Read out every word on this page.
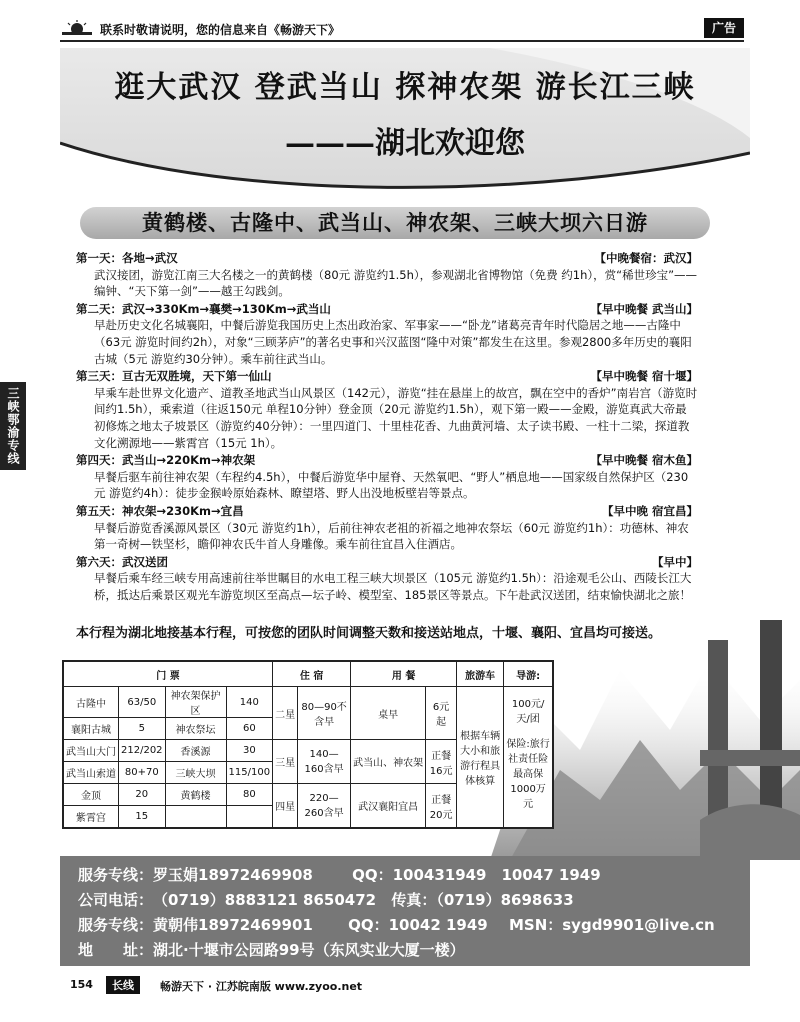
联系时敬请说明，您的信息来自《畅游天下》	广告
逛大武汉 登武当山 探神农架 游长江三峡
———湖北欢迎您
黄鹤楼、古隆中、武当山、神农架、三峡大坝六日游
三峡鄂渝专线
第一天：各地→武汉	【中晚餐宿：武汉】
武汉接团，游览江南三大名楼之一的黄鹤楼（80元 游览约1.5h），参观湖北省博物馆（免费 约1h），赏“稀世珍宝”——编钟、“天下第一剑”——越王勾践剑。
第二天：武汉→330Km→襄樊→130Km→武当山	【早中晚餐 武当山】
早赴历史文化名城襄阳，中餐后游览我国历史上杰出政治家、军事家——“卧龙”诸葛亮青年时代隐居之地——古隆中（63元 游览时间约2h），对象“三顾茅庐”的著名史事和兴汉蓝图“隆中对策”都发生在这里。参观2800多年历史的襄阳古城（5元 游览约30分钟）。乘车前往武当山。
第三天：亘古无双胜境，天下第一仙山	【早中晚餐 宿十堰】
早乘车赴世界文化遗产、道教圣地武当山风景区（142元），游览“挂在悬崖上的故宫，飘在空中的香炉”南岩宫（游览时间约1.5h），乘索道（往返150元 单程10分钟）登金顶（20元 游览约1.5h），观下第一殿——金殿，游览真武大帝最初修炼之地太子坡景区（游览约40分钟）：一里四道门、十里桂花香、九曲黄河墙、太子读书殿、一柱十二梁，探道教文化溯源地——紫霄宫（15元 1h）。
第四天：武当山→220Km→神农架	【早中晚餐 宿木鱼】
早餐后驱车前往神农架（车程约4.5h），中餐后游览华中屋脊、天然氧吧、“野人”栖息地——国家级自然保护区（230元 游览约4h）：徒步金猴岭原始森林、瞭望塔、野人出没地板壁岩等景点。
第五天：神农架→230Km→宜昌	【早中晚 宿宜昌】
早餐后游览香溪源风景区（30元 游览约1h），后前往神农老祖的祈福之地神农祭坛（60元 游览约1h）：功德林、神农第一奇树—铁坚杉，瞻仰神农氏牛首人身雕像。乘车前往宜昌入住酒店。
第六天：武汉送团	【早中】
早餐后乘车经三峡专用高速前往举世瞩目的水电工程三峡大坝景区（105元 游览约1.5h）：沿途观毛公山、西陵长江大桥，抵达后乘景区观光车游览坝区至高点—坛子岭、模型室、185景区等景点。下午赴武汉送团，结束愉快湖北之旅！
本行程为湖北地接基本行程，可按您的团队时间调整天数和接送站地点，十堰、襄阳、宜昌均可接送。
门 票				住 宿		用 餐		旅游车	导游:
古隆中	63/50	神农架保护区	140	二星	80—90不含早	桌早	6元起	根据车辆大小和旅游行程具体核算	100元/天/团
保险:旅行社责任险最高保1000万元

襄阳古城	5	神农祭坛	60						
武当山大门	212/202	香溪源	30	三星	140—160含早	武当山、神农架	正餐16元		
武当山索道	80+70	三峡大坝	115/100						
金顶	20	黄鹤楼	80	四星	220—260含早	武汉襄阳宜昌	正餐20元		
紫霄宫	15								
服务专线：罗玉娟18972469908	QQ：100431949　10047 1949
公司电话：（0719）8883121 8650472 传真：（0719）8698633
服务专线：黄朝伟18972469901 QQ：10042 1949 MSN：sygd9901@live.cn
地　　址：湖北·十堰市公园路99号（东风实业大厦一楼）
154	长线	畅游天下 · 江苏皖南版 www.zyoo.net
